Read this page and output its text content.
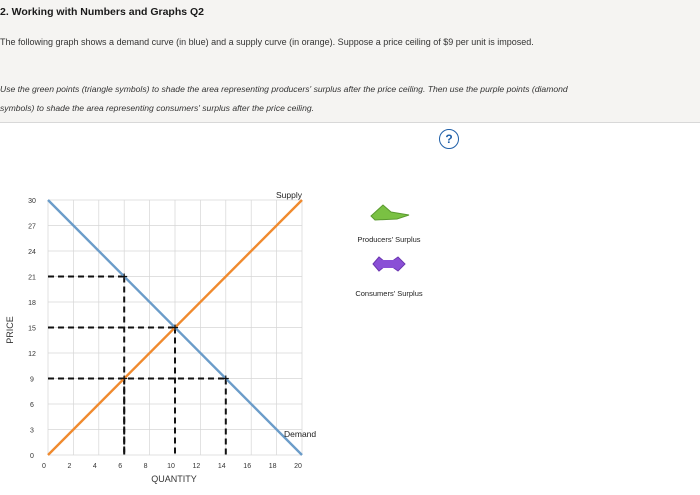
2. Working with Numbers and Graphs Q2
The following graph shows a demand curve (in blue) and a supply curve (in orange). Suppose a price ceiling of $9 per unit is imposed.
Use the green points (triangle symbols) to shade the area representing producers' surplus after the price ceiling. Then use the purple points (diamond
symbols) to shade the area representing consumers' surplus after the price ceiling.
?
Supply
Demand
0	2	4	6	8	10	12	14	16	18	20
0
3
6
9
12
15
18
21
24
27
30
PRICE
QUANTITY
Producers' Surplus
Consumers' Surplus
